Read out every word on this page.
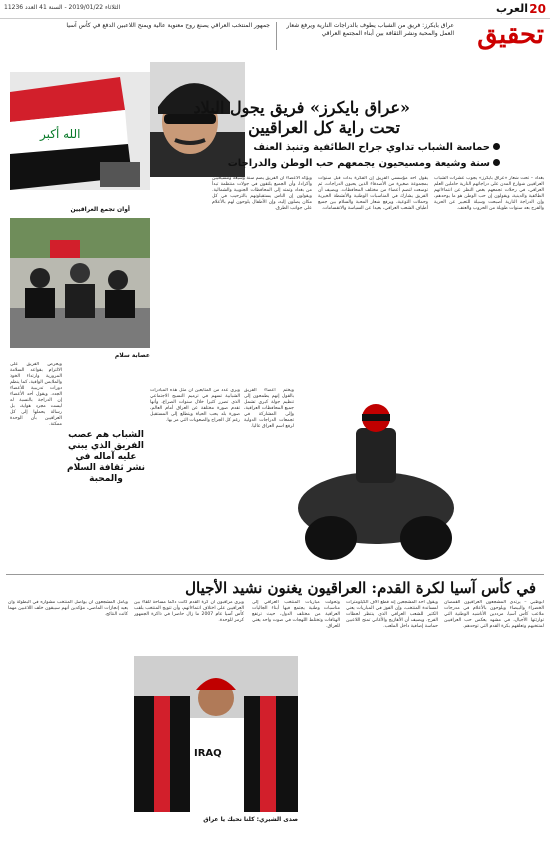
20
العرب
الثلاثاء 2019/01/22 - السنة 41 العدد 11236
تحقيق
عراق بايكرز: فريق من الشباب يطوف بالدراجات النارية ويرفع شعار العمل والمحبة ونشر الثقافة بين أبناء المجتمع العراقي
جمهور المنتخب العراقي يصنع روح معنوية عالية ويمنح اللاعبين الدفع في كأس آسيا
الله أكبر
أوان تجمع العراقيين
«عراق بايكرز» فريق يجول البلاد
تحت راية كل العراقيين
حماسة الشباب تداوي جراح الطائفية وتنبذ العنف
سنة وشيعة ومسيحيون يجمعهم حب الوطن والدراجات
بغداد – تحت شعار «عراق بايكرز» يجوب عشرات الشباب العراقيين شوارع المدن على دراجاتهم النارية حاملين العلم العراقي، في رحلات تجمعهم بغض النظر عن انتماءاتهم الطائفية والدينية، ويقولون إن حب الوطن هو ما يوحدهم، وإن الدراجة النارية أصبحت وسيلة للتعبير عن الحرية والفرح بعد سنوات طويلة من الحروب والعنف.
يقول أحد مؤسسي الفريق إن الفكرة بدأت قبل سنوات بمجموعة صغيرة من الأصدقاء الذين يحبون الدراجات، ثم توسعت لتضم أعضاء من مختلف المحافظات. ويضيف أن الفريق يشارك في المناسبات الوطنية والأنشطة الخيرية وحملات التوعية، ويرفع شعار المحبة والسلام بين جميع أطياف الشعب العراقي، بعيدا عن السياسة والانقسامات.
ويؤكد الأعضاء أن الفريق يضم سنة وشيعة ومسيحيين وأكرادا، وأن الجميع يلتقون في جولات منتظمة تبدأ من بغداد وتمتد إلى المحافظات الجنوبية والشمالية. ويقولون إن الناس يستقبلونهم بالترحيب في كل مكان يصلون إليه، وإن الأطفال يلوحون لهم بالأعلام على جوانب الطرق.
عصابة سلام
الشباب هم عصب الفريق الذي يبني عليه آماله في نشر ثقافة السلام والمحبة
ويرى عدد من المتابعين أن مثل هذه المبادرات الشبابية تسهم في ترميم النسيج الاجتماعي الذي تضرر كثيرا خلال سنوات الصراع، وأنها تقدم صورة مختلفة عن العراق أمام العالم، صورة بلد يحب الحياة ويتطلع إلى المستقبل رغم كل الجراح والصعوبات التي مر بها.
ويحرص الفريق على الالتزام بقواعد السلامة المرورية وارتداء الخوذ والملابس الواقية، كما ينظم دورات تدريبية للأعضاء الجدد. ويقول أحد الأعضاء إن الدراجة بالنسبة له ليست مجرد هواية، بل رسالة يحملها إلى كل العراقيين بأن الوحدة ممكنة.
ويختم أعضاء الفريق بالقول إنهم يطمحون إلى تنظيم جولة كبرى تشمل جميع المحافظات العراقية، وإلى المشاركة في تجمعات الدراجات الدولية لرفع اسم العراق عاليا.
في كأس آسيا لكرة القدم: العراقيون يغنون نشيد الأجيال
أبوظبي – يرتدي المشجعون العراقيون القمصان الخضراء والبيضاء ويلوحون بالأعلام في مدرجات ملاعب كأس آسيا، مرددين الأناشيد الوطنية التي توارثتها الأجيال، في مشهد يعكس حب العراقيين لمنتخبهم وتعلقهم بكرة القدم التي توحدهم.
ويقول أحد المشجعين إنه قطع آلاف الكيلومترات لمساندة المنتخب، وإن الفوز في المباريات يعني الكثير للشعب العراقي الذي ينتظر لحظات الفرح. ويضيف أن الأهازيج والأغاني تمنح اللاعبين حماسة إضافية داخل الملعب.
وتحولت مباريات المنتخب العراقي إلى مناسبات وطنية يجتمع فيها أبناء الجاليات العراقية من مختلف الدول، حيث ترتفع الهتافات وتختلط اللهجات في صوت واحد يغني للعراق.
ويرى مراقبون أن كرة القدم كانت دائما مساحة للقاء بين العراقيين على اختلاف انتماءاتهم، وأن تتويج المنتخب بلقب كأس آسيا عام 2007 ما زال حاضرا في ذاكرة الجمهور كرمز للوحدة.
ويأمل المشجعون أن يواصل المنتخب مشواره في البطولة وأن يعيد إنجازات الماضي، مؤكدين أنهم سيبقون خلف اللاعبين مهما كانت النتائج.
IRAQ
صدى الشيري: كلنا نحبك يا عراق
